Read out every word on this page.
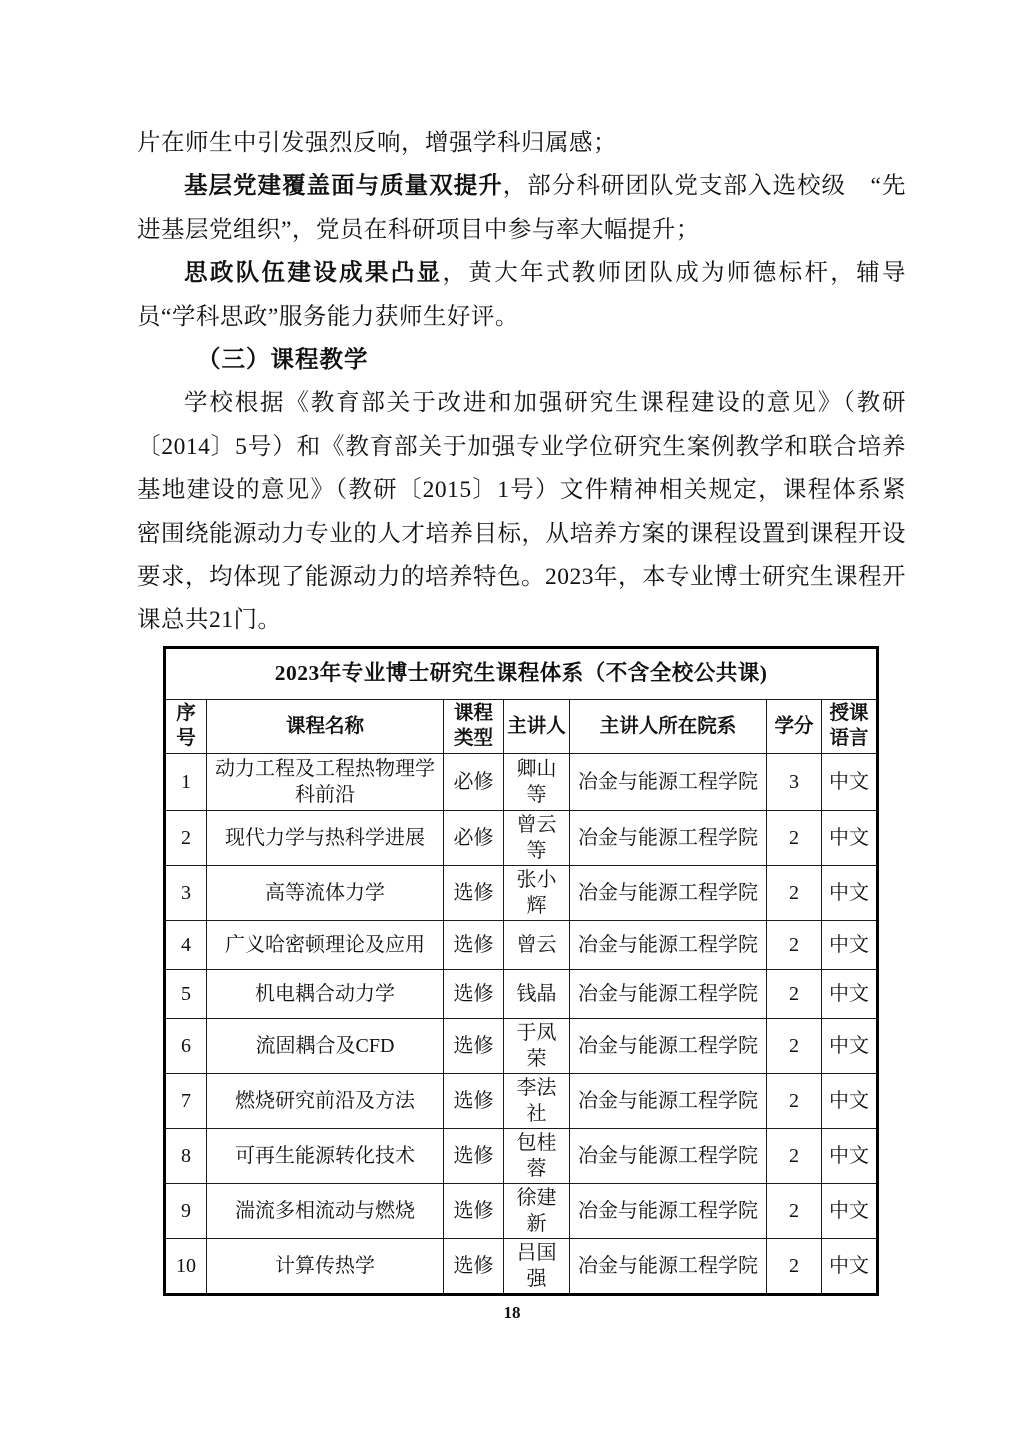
片在师生中引发强烈反响，增强学科归属感；

基层党建覆盖面与质量双提升，部分科研团队党支部入选校级　“先进基层党组织”，党员在科研项目中参与率大幅提升；

思政队伍建设成果凸显，黄大年式教师团队成为师德标杆，辅导员“学科思政”服务能力获师生好评。

（三）课程教学

学校根据《教育部关于改进和加强研究生课程建设的意见》（教研〔2014〕5号）和《教育部关于加强专业学位研究生案例教学和联合培养基地建设的意见》（教研〔2015〕1号）文件精神相关规定，课程体系紧密围绕能源动力专业的人才培养目标，从培养方案的课程设置到课程开设要求，均体现了能源动力的培养特色。2023年，本专业博士研究生课程开课总共21门。

2023年专业博士研究生课程体系（不含全校公共课)						
序号	课程名称	课程类型	主讲人	主讲人所在院系	学分	授课语言
1	动力工程及工程热物理学科前沿	必修	卿山等	冶金与能源工程学院	3	中文
2	现代力学与热科学进展	必修	曾云等	冶金与能源工程学院	2	中文
3	高等流体力学	选修	张小辉	冶金与能源工程学院	2	中文
4	广义哈密顿理论及应用	选修	曾云	冶金与能源工程学院	2	中文
5	机电耦合动力学	选修	钱晶	冶金与能源工程学院	2	中文
6	流固耦合及CFD	选修	于凤荣	冶金与能源工程学院	2	中文
7	燃烧研究前沿及方法	选修	李法社	冶金与能源工程学院	2	中文
8	可再生能源转化技术	选修	包桂蓉	冶金与能源工程学院	2	中文
9	湍流多相流动与燃烧	选修	徐建新	冶金与能源工程学院	2	中文
10	计算传热学	选修	吕国强	冶金与能源工程学院	2	中文
18
